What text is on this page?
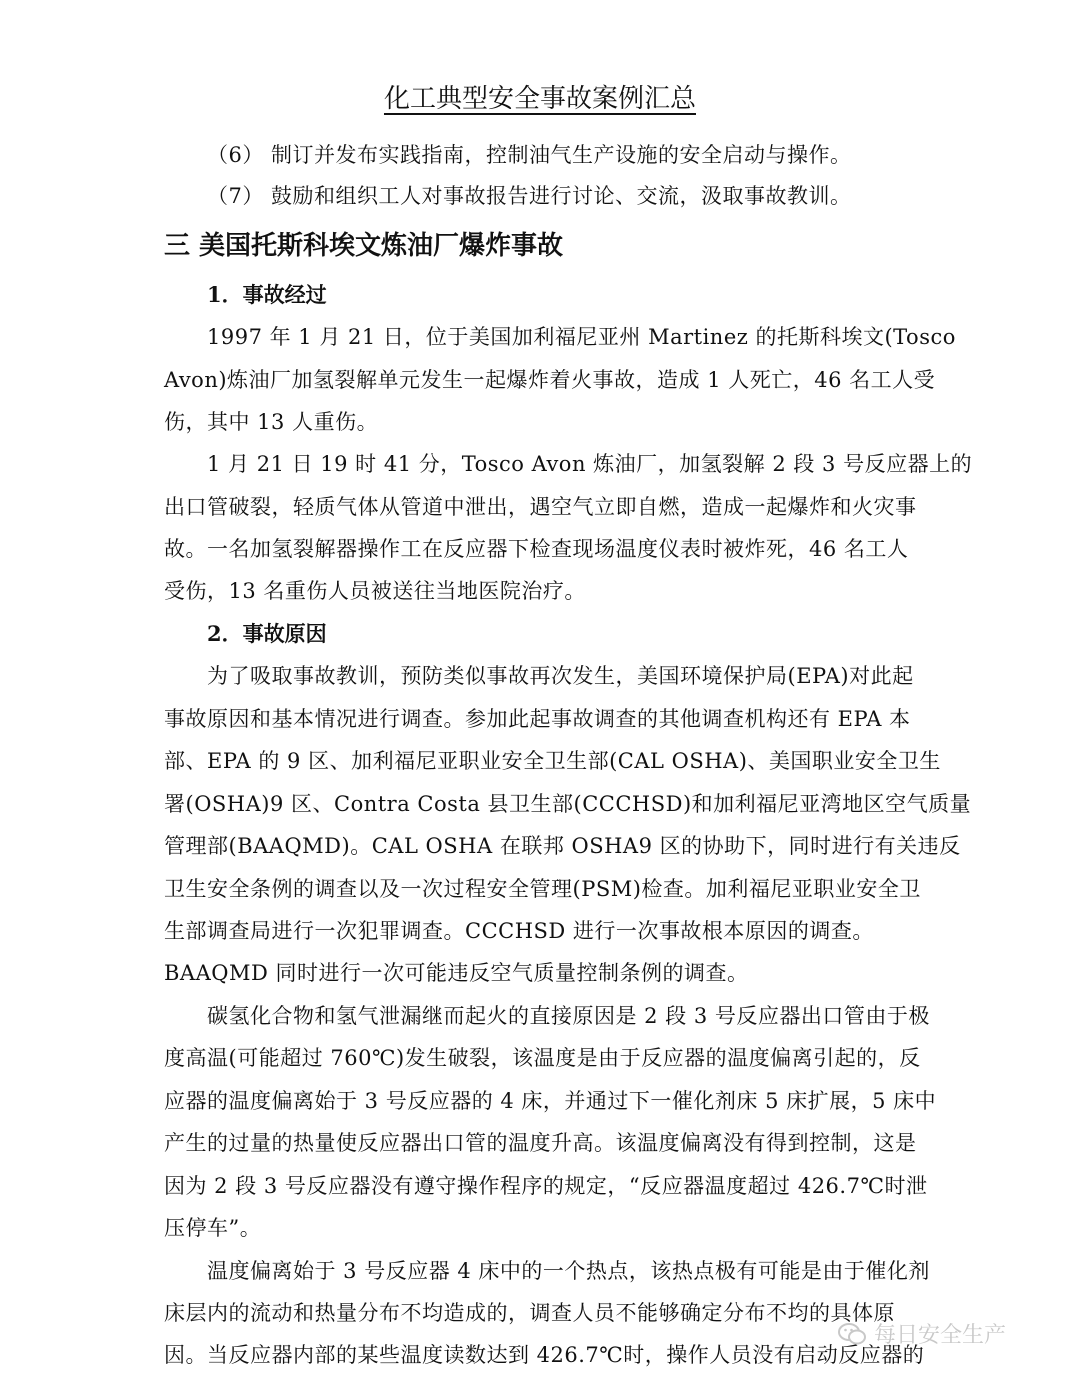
化工典型安全事故案例汇总
（6） 制订并发布实践指南，控制油气生产设施的安全启动与操作。
（7） 鼓励和组织工人对事故报告进行讨论、交流，汲取事故教训。
三 美国托斯科埃文炼油厂爆炸事故
1．事故经过
1997 年 1 月 21 日，位于美国加利福尼亚州 Martinez 的托斯科埃文(Tosco
Avon)炼油厂加氢裂解单元发生一起爆炸着火事故，造成 1 人死亡，46 名工人受
伤，其中 13 人重伤。
1 月 21 日 19 时 41 分，Tosco Avon 炼油厂，加氢裂解 2 段 3 号反应器上的
出口管破裂，轻质气体从管道中泄出，遇空气立即自燃，造成一起爆炸和火灾事
故。一名加氢裂解器操作工在反应器下检查现场温度仪表时被炸死，46 名工人
受伤，13 名重伤人员被送往当地医院治疗。
2．事故原因
为了吸取事故教训，预防类似事故再次发生，美国环境保护局(EPA)对此起
事故原因和基本情况进行调查。参加此起事故调查的其他调查机构还有 EPA 本
部、EPA 的 9 区、加利福尼亚职业安全卫生部(CAL OSHA)、美国职业安全卫生
署(OSHA)9 区、Contra Costa 县卫生部(CCCHSD)和加利福尼亚湾地区空气质量
管理部(BAAQMD)。CAL OSHA 在联邦 OSHA9 区的协助下，同时进行有关违反
卫生安全条例的调查以及一次过程安全管理(PSM)检查。加利福尼亚职业安全卫
生部调查局进行一次犯罪调查。CCCHSD 进行一次事故根本原因的调查。
BAAQMD 同时进行一次可能违反空气质量控制条例的调查。
碳氢化合物和氢气泄漏继而起火的直接原因是 2 段 3 号反应器出口管由于极
度高温(可能超过 760℃)发生破裂，该温度是由于反应器的温度偏离引起的，反
应器的温度偏离始于 3 号反应器的 4 床，并通过下一催化剂床 5 床扩展，5 床中
产生的过量的热量使反应器出口管的温度升高。该温度偏离没有得到控制，这是
因为 2 段 3 号反应器没有遵守操作程序的规定，“反应器温度超过 426.7℃时泄
压停车”。
温度偏离始于 3 号反应器 4 床中的一个热点，该热点极有可能是由于催化剂
床层内的流动和热量分布不均造成的，调查人员不能够确定分布不均的具体原
因。当反应器内部的某些温度读数达到 426.7℃时，操作人员没有启动反应器的
每日安全生产
